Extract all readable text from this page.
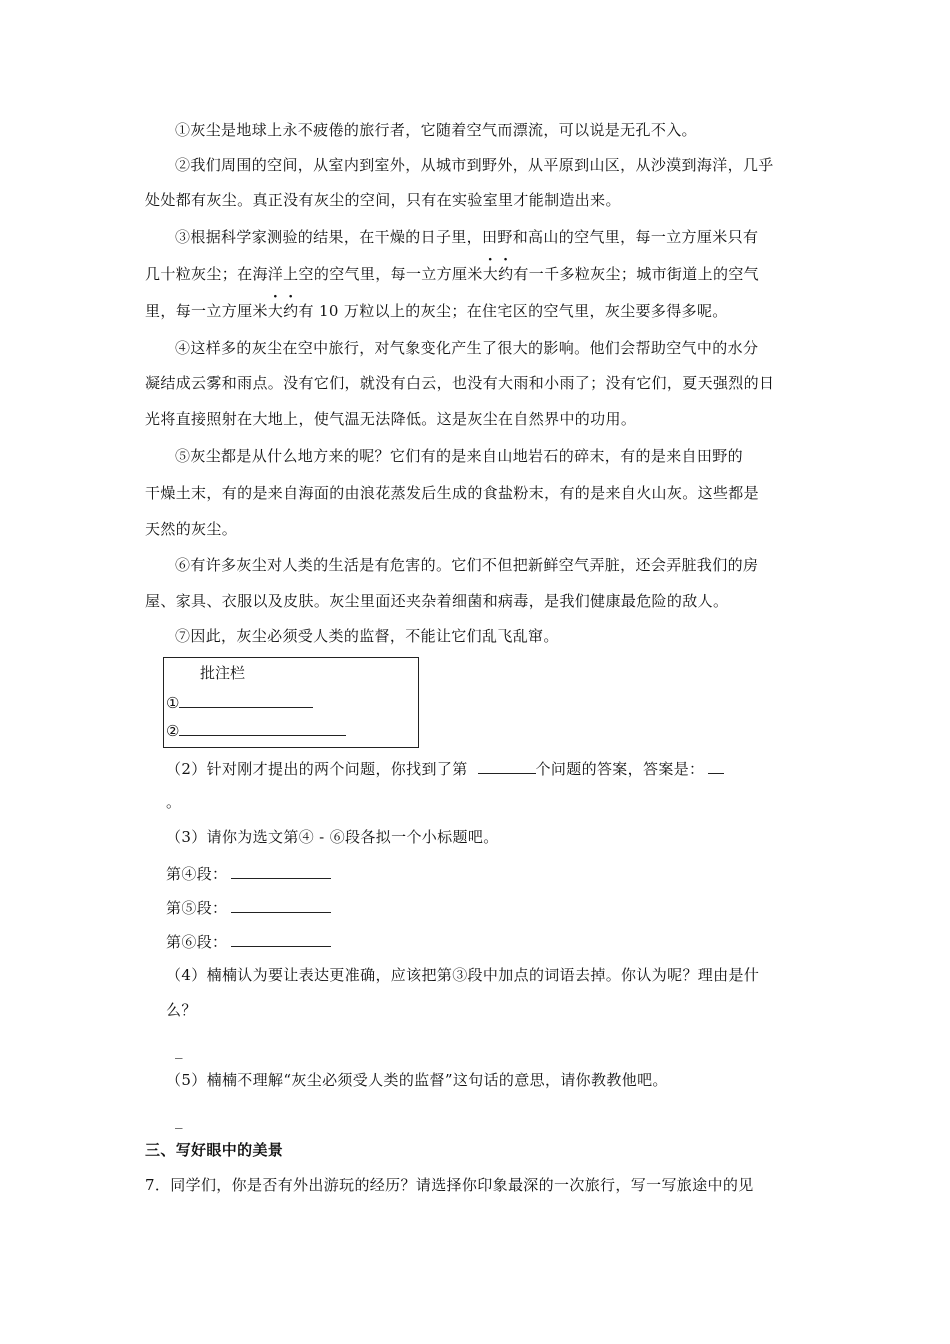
①灰尘是地球上永不疲倦的旅行者，它随着空气而漂流，可以说是无孔不入。
②我们周围的空间，从室内到室外，从城市到野外，从平原到山区，从沙漠到海洋，几乎
处处都有灰尘。真正没有灰尘的空间，只有在实验室里才能制造出来。
③根据科学家测验的结果，在干燥的日子里，田野和高山的空气里，每一立方厘米只有
几十粒灰尘；在海洋上空的空气里，每一立方厘米大约有一千多粒灰尘；城市街道上的空气
里，每一立方厘米大约有 10 万粒以上的灰尘；在住宅区的空气里，灰尘要多得多呢。
④这样多的灰尘在空中旅行，对气象变化产生了很大的影响。他们会帮助空气中的水分
凝结成云雾和雨点。没有它们，就没有白云，也没有大雨和小雨了；没有它们，夏天强烈的日
光将直接照射在大地上，使气温无法降低。这是灰尘在自然界中的功用。
⑤灰尘都是从什么地方来的呢？它们有的是来自山地岩石的碎末，有的是来自田野的
干燥土末，有的是来自海面的由浪花蒸发后生成的食盐粉末，有的是来自火山灰。这些都是
天然的灰尘。
⑥有许多灰尘对人类的生活是有危害的。它们不但把新鲜空气弄脏，还会弄脏我们的房
屋、家具、衣服以及皮肤。灰尘里面还夹杂着细菌和病毒，是我们健康最危险的敌人。
⑦因此，灰尘必须受人类的监督，不能让它们乱飞乱窜。
批注栏
①
②
（2）针对刚才提出的两个问题，你找到了第	个问题的答案，答案是：
。
（3）请你为选文第④ - ⑥段各拟一个小标题吧。
第④段：
第⑤段：
第⑥段：
（4）楠楠认为要让表达更准确，应该把第③段中加点的词语去掉。你认为呢？理由是什
么？
_
（5）楠楠不理解“灰尘必须受人类的监督”这句话的意思，请你教教他吧。
_
三、写好眼中的美景
7．同学们，你是否有外出游玩的经历？请选择你印象最深的一次旅行，写一写旅途中的见
